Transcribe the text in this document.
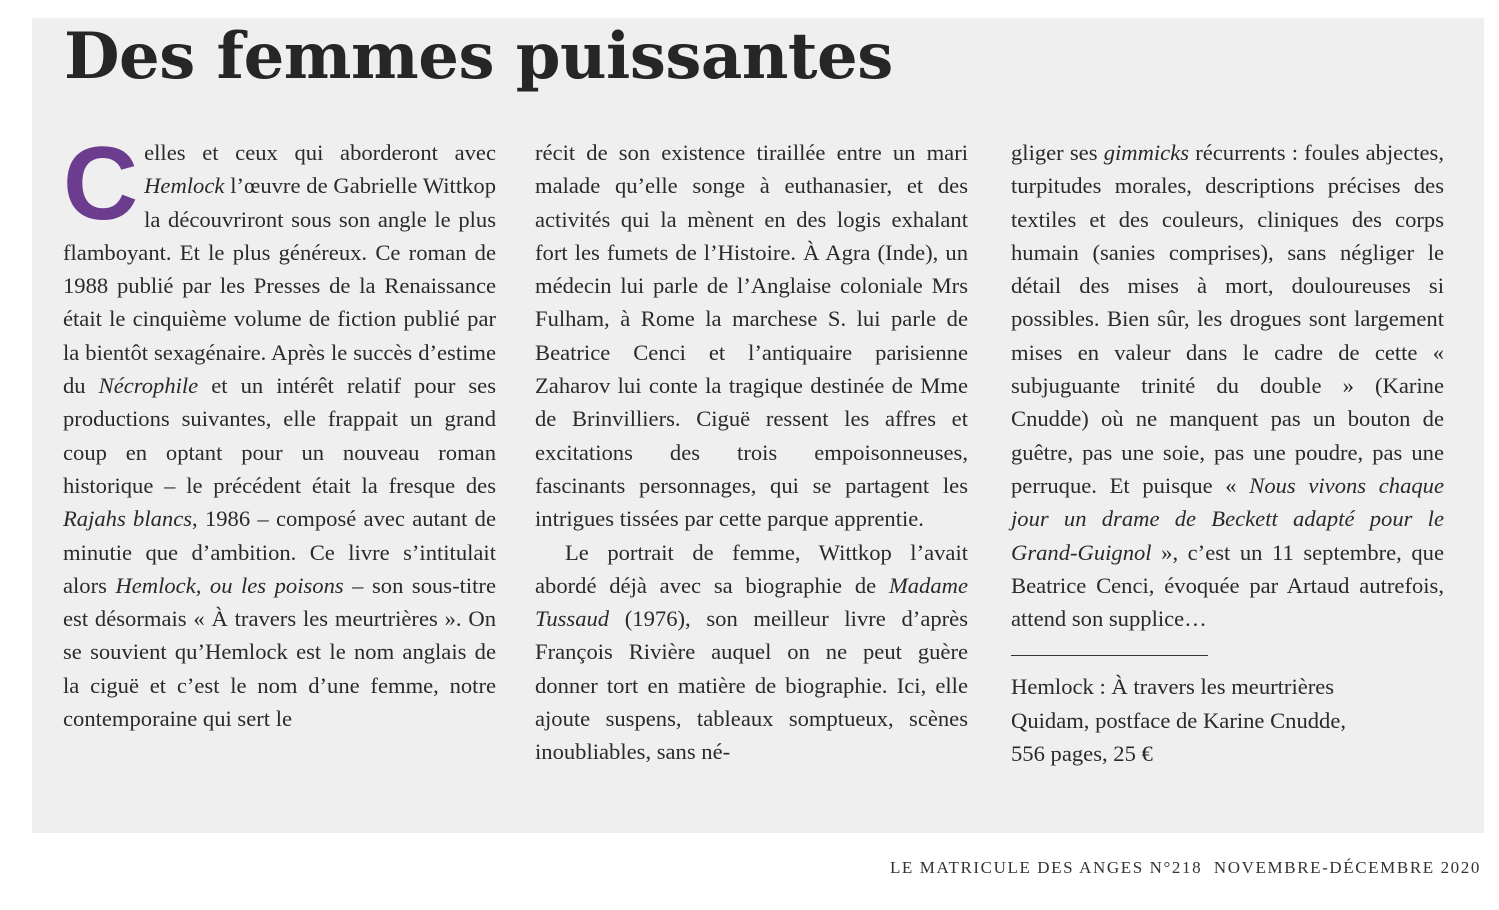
Des femmes puissantes

Celles et ceux qui aborderont avec Hemlock l’œuvre de Gabrielle Wittkop la découvriront sous son angle le plus flamboyant. Et le plus généreux. Ce roman de 1988 publié par les Presses de la Renaissance était le cinquième volume de fiction publié par la bientôt sexagénaire. Après le succès d’estime du Nécrophile et un intérêt relatif pour ses productions suivantes, elle frappait un grand coup en optant pour un nouveau roman historique – le précédent était la fresque des Rajahs blancs, 1986 – composé avec autant de minutie que d’ambition. Ce livre s’intitulait alors Hemlock, ou les poisons – son sous-titre est désormais « À travers les meurtrières ». On se souvient qu’Hemlock est le nom anglais de la ciguë et c’est le nom d’une femme, notre contemporaine qui sert le

récit de son existence tiraillée entre un mari malade qu’elle songe à euthanasier, et des activités qui la mènent en des logis exhalant fort les fumets de l’Histoire. À Agra (Inde), un médecin lui parle de l’Anglaise coloniale Mrs Fulham, à Rome la marchese S. lui parle de Beatrice Cenci et l’antiquaire parisienne Zaharov lui conte la tragique destinée de Mme de Brinvilliers. Ciguë ressent les affres et excitations des trois empoisonneuses, fascinants personnages, qui se partagent les intrigues tissées par cette parque apprentie.

Le portrait de femme, Wittkop l’avait abordé déjà avec sa biographie de Madame Tussaud (1976), son meilleur livre d’après François Rivière auquel on ne peut guère donner tort en matière de biographie. Ici, elle ajoute suspens, tableaux somptueux, scènes inoubliables, sans né-

gliger ses gimmicks récurrents : foules abjectes, turpitudes morales, descriptions précises des textiles et des couleurs, cliniques des corps humain (sanies comprises), sans négliger le détail des mises à mort, douloureuses si possibles. Bien sûr, les drogues sont largement mises en valeur dans le cadre de cette « subjuguante trinité du double » (Karine Cnudde) où ne manquent pas un bouton de guêtre, pas une soie, pas une poudre, pas une perruque. Et puisque « Nous vivons chaque jour un drame de Beckett adapté pour le Grand-Guignol », c’est un 11 septembre, que Beatrice Cenci, évoquée par Artaud autrefois, attend son supplice…

Hemlock : À travers les meurtrières
Quidam, postface de Karine Cnudde,
556 pages, 25 €

LE MATRICULE DES ANGES N°218 NOVEMBRE-DÉCEMBRE 2020
